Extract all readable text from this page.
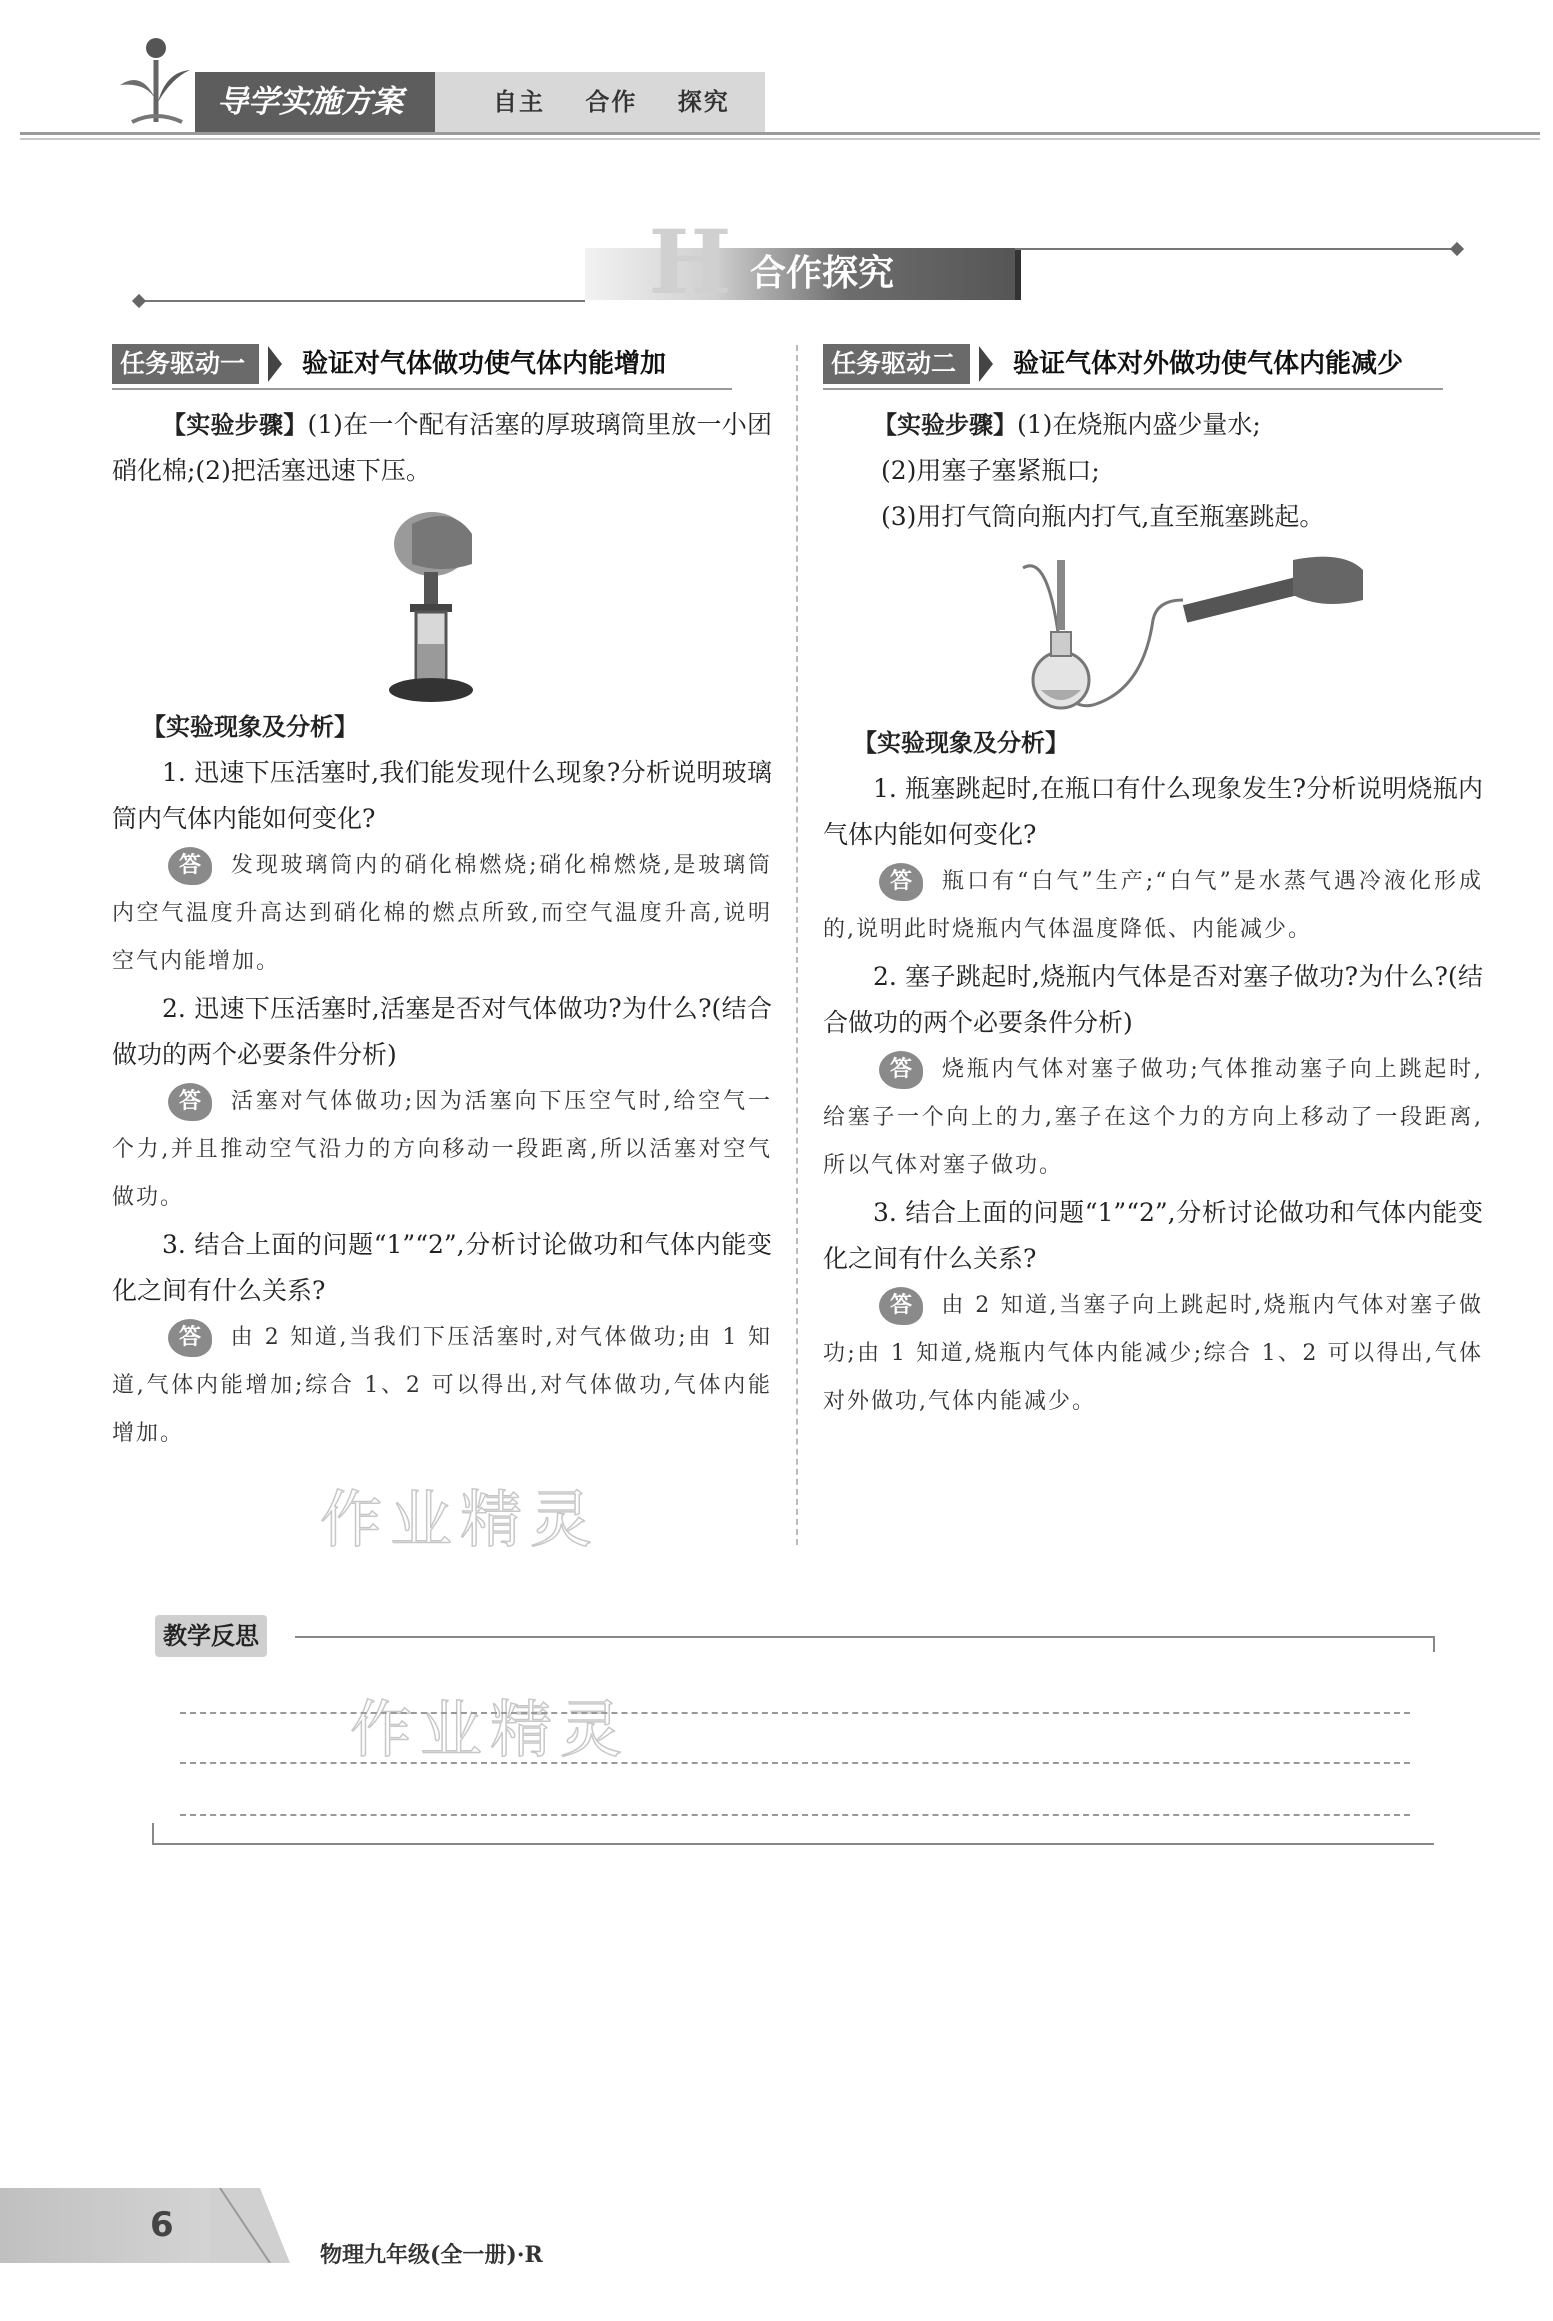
导学实施方案	自主 合作 探究
H 合作探究
任务驱动一	验证对气体做功使气体内能增加

【实验步骤】(1)在一个配有活塞的厚玻璃筒里放一小团硝化棉;(2)把活塞迅速下压。

【实验现象及分析】

1. 迅速下压活塞时,我们能发现什么现象?分析说明玻璃筒内气体内能如何变化?

答 发现玻璃筒内的硝化棉燃烧;硝化棉燃烧,是玻璃筒内空气温度升高达到硝化棉的燃点所致,而空气温度升高,说明空气内能增加。

2. 迅速下压活塞时,活塞是否对气体做功?为什么?(结合做功的两个必要条件分析)

答 活塞对气体做功;因为活塞向下压空气时,给空气一个力,并且推动空气沿力的方向移动一段距离,所以活塞对空气做功。

3. 结合上面的问题“1”“2”,分析讨论做功和气体内能变化之间有什么关系?

答 由 2 知道,当我们下压活塞时,对气体做功;由 1 知道,气体内能增加;综合 1、2 可以得出,对气体做功,气体内能增加。

任务驱动二	验证气体对外做功使气体内能减少

【实验步骤】(1)在烧瓶内盛少量水;

(2)用塞子塞紧瓶口;

(3)用打气筒向瓶内打气,直至瓶塞跳起。

【实验现象及分析】

1. 瓶塞跳起时,在瓶口有什么现象发生?分析说明烧瓶内气体内能如何变化?

答 瓶口有“白气”生产;“白气”是水蒸气遇冷液化形成的,说明此时烧瓶内气体温度降低、内能减少。

2. 塞子跳起时,烧瓶内气体是否对塞子做功?为什么?(结合做功的两个必要条件分析)

答 烧瓶内气体对塞子做功;气体推动塞子向上跳起时,给塞子一个向上的力,塞子在这个力的方向上移动了一段距离,所以气体对塞子做功。

3. 结合上面的问题“1”“2”,分析讨论做功和气体内能变化之间有什么关系?

答 由 2 知道,当塞子向上跳起时,烧瓶内气体对塞子做功;由 1 知道,烧瓶内气体内能减少;综合 1、2 可以得出,气体对外做功,气体内能减少。

作业精灵
作业精灵
教学反思
6
物理九年级(全一册)·R
